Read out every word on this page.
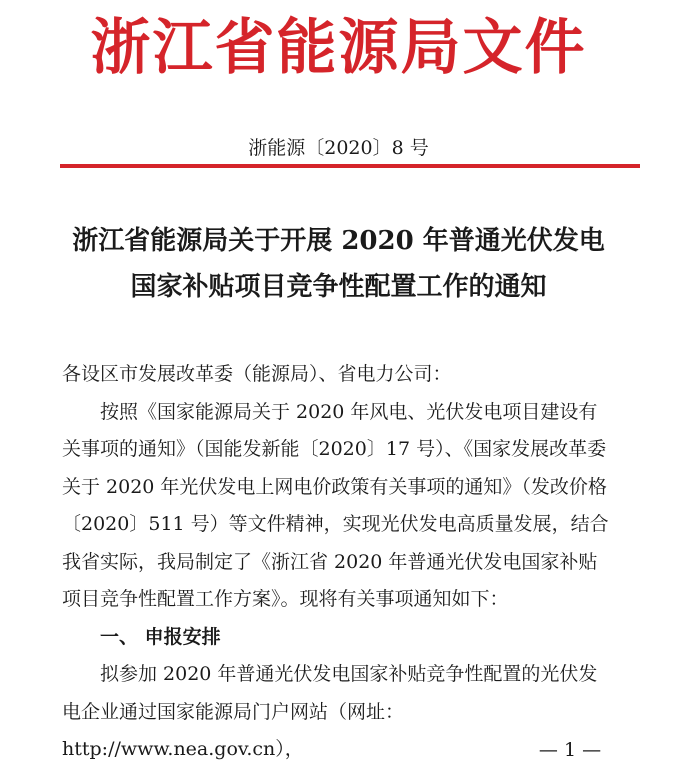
浙江省能源局文件
浙能源〔2020〕8 号
浙江省能源局关于开展 2020 年普通光伏发电
国家补贴项目竞争性配置工作的通知

各设区市发展改革委（能源局）、省电力公司：

按照《国家能源局关于 2020 年风电、光伏发电项目建设有

关事项的通知》（国能发新能〔2020〕17 号）、《国家发展改革委

关于 2020 年光伏发电上网电价政策有关事项的通知》（发改价格

〔2020〕511 号）等文件精神，实现光伏发电高质量发展，结合

我省实际，我局制定了《浙江省 2020 年普通光伏发电国家补贴

项目竞争性配置工作方案》。现将有关事项通知如下：

一、 申报安排

拟参加 2020 年普通光伏发电国家补贴竞争性配置的光伏发

电企业通过国家能源局门户网站（网址：http://www.nea.gov.cn），	— 1 —
